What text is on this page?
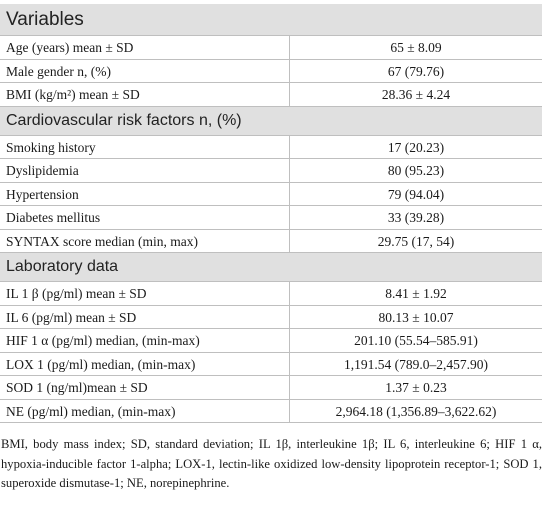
Variables
Age (years) mean ± SD	65 ± 8.09
Male gender n, (%)	67 (79.76)
BMI (kg/m²) mean ± SD	28.36 ± 4.24
Cardiovascular risk factors n, (%)
Smoking history	17 (20.23)
Dyslipidemia	80 (95.23)
Hypertension	79 (94.04)
Diabetes mellitus	33 (39.28)
SYNTAX score median (min, max)	29.75 (17, 54)
Laboratory data
IL 1 β (pg/ml) mean ± SD	8.41 ± 1.92
IL 6 (pg/ml) mean ± SD	80.13 ± 10.07
HIF 1 α (pg/ml) median, (min-max)	201.10 (55.54–585.91)
LOX 1 (pg/ml) median, (min-max)	1,191.54 (789.0–2,457.90)
SOD 1 (ng/ml)mean ± SD	1.37 ± 0.23
NE (pg/ml) median, (min-max)	2,964.18 (1,356.89–3,622.62)
BMI, body mass index; SD, standard deviation; IL 1β, interleukine 1β; IL 6, interleukine 6; HIF 1 α, hypoxia-inducible factor 1-alpha; LOX-1, lectin-like oxidized low-density lipoprotein receptor-1; SOD 1, superoxide dismutase-1; NE, norepinephrine.
